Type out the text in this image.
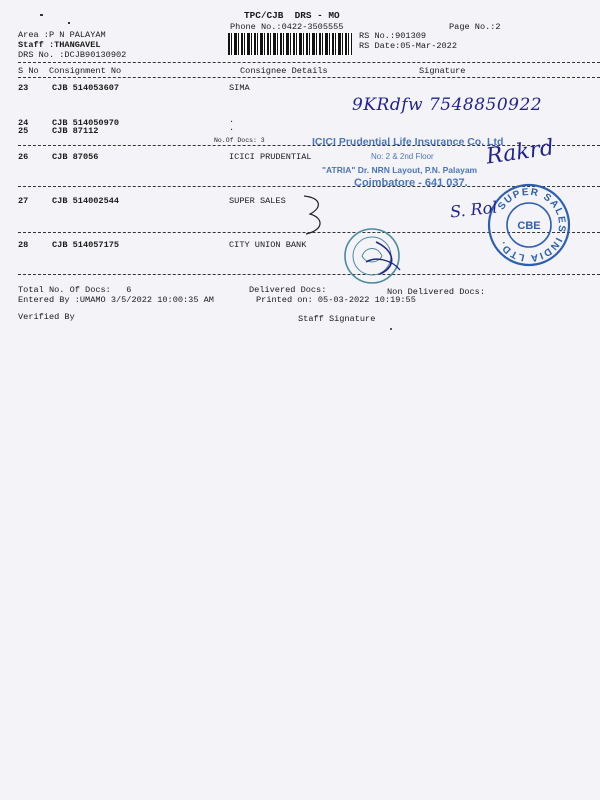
TPC/CJB  DRS - MO
Phone No.:0422-3505555	Page No.:2
Area :P N PALAYAM
Staff :THANGAVEL
DRS No. :DCJB90130902
RS No.:901309
RS Date:05-Mar-2022
S No Consignment No	Consignee Details	Signature
23	CJB 514053607	SIMA
9KRdfw 7548850922
24	CJB 514050970	.
25	CJB 87112	.
No.Of Docs: 3
26	CJB 87056	ICICI PRUDENTIAL
27	CJB 514002544	SUPER SALES
28	CJB 514057175	CITY UNION BANK
ICICI Prudential Life Insurance Co. Ltd
No: 2 & 2nd Floor
"ATRIA" Dr. NRN Layout, P.N. Palayam
Coimbatore - 641 037.
Rakrd
SUPER SALES INDIA LTD.
CBE
S. Rol
Total No. Of Docs:   6
Entered By :UMAMO 3/5/2022 10:00:35 AM
Delivered Docs:	Non Delivered Docs:
Printed on: 05-03-2022 10:19:55
Verified By	Staff Signature
